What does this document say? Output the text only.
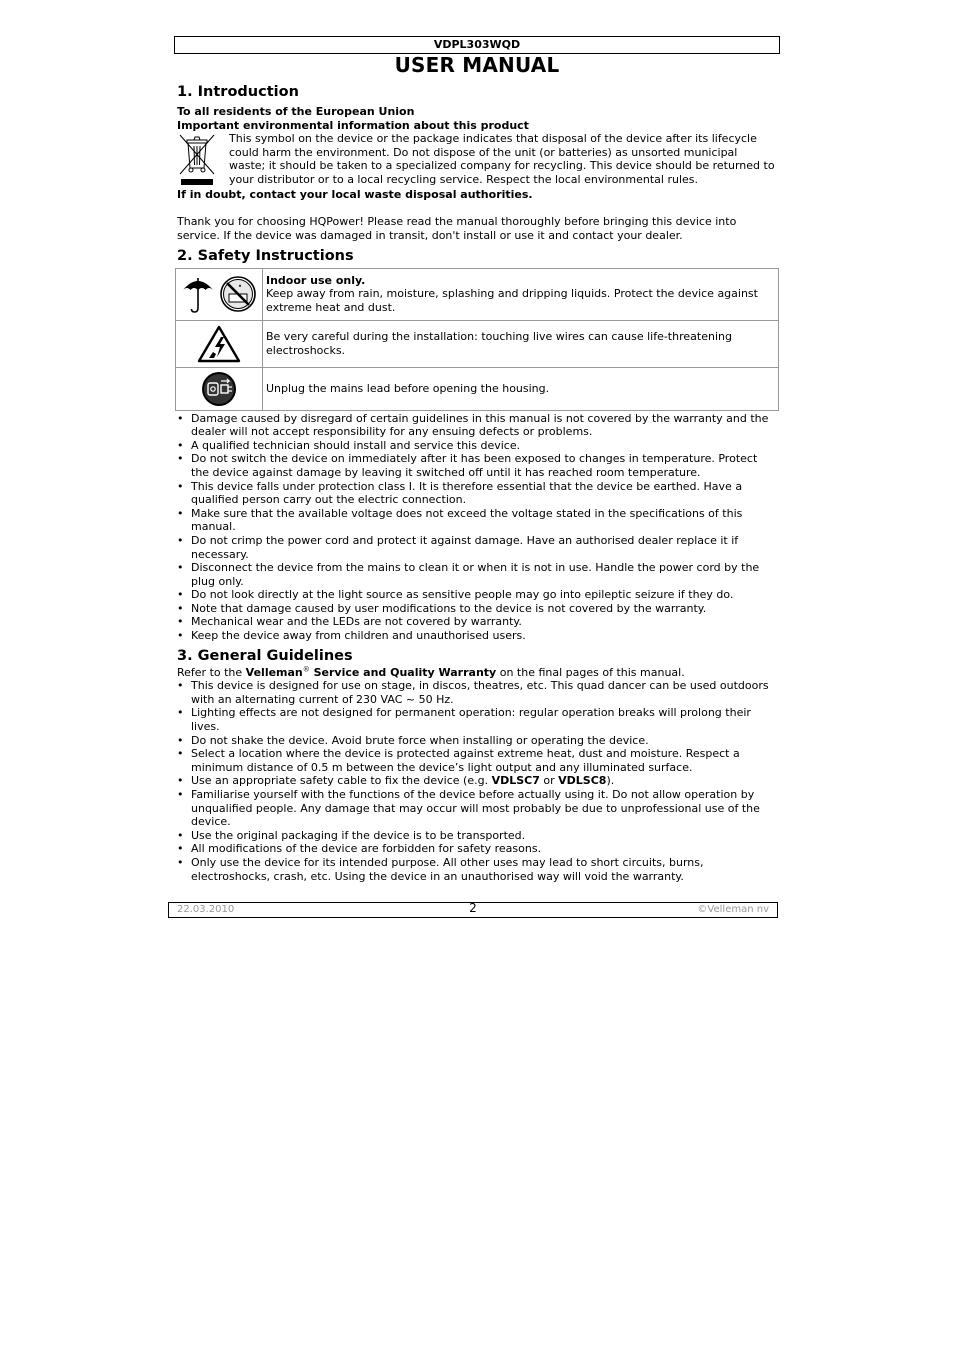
VDPL303WQD
USER MANUAL
1. Introduction

To all residents of the European Union

Important environmental information about this product

This symbol on the device or the package indicates that disposal of the device after its lifecycle could harm the environment. Do not dispose of the unit (or batteries) as unsorted municipal waste; it should be taken to a specialized company for recycling. This device should be returned to your distributor or to a local recycling service. Respect the local environmental rules.

If in doubt, contact your local waste disposal authorities.

Thank you for choosing HQPower! Please read the manual thoroughly before bringing this device into service. If the device was damaged in transit, don't install or use it and contact your dealer.

2. Safety Instructions

Indoor use only.
Keep away from rain, moisture, splashing and dripping liquids. Protect the device against extreme heat and dust.

Be very careful during the installation: touching live wires can cause life-threatening electroshocks.

Unplug the mains lead before opening the housing.
• Damage caused by disregard of certain guidelines in this manual is not covered by the warranty and the dealer will not accept responsibility for any ensuing defects or problems.
• A qualified technician should install and service this device.
• Do not switch the device on immediately after it has been exposed to changes in temperature. Protect the device against damage by leaving it switched off until it has reached room temperature.
• This device falls under protection class I. It is therefore essential that the device be earthed. Have a qualified person carry out the electric connection.
• Make sure that the available voltage does not exceed the voltage stated in the specifications of this manual.
• Do not crimp the power cord and protect it against damage. Have an authorised dealer replace it if necessary.
• Disconnect the device from the mains to clean it or when it is not in use. Handle the power cord by the plug only.
• Do not look directly at the light source as sensitive people may go into epileptic seizure if they do.
• Note that damage caused by user modifications to the device is not covered by the warranty.
• Mechanical wear and the LEDs are not covered by warranty.
• Keep the device away from children and unauthorised users.
3. General Guidelines

Refer to the Velleman® Service and Quality Warranty on the final pages of this manual.

• This device is designed for use on stage, in discos, theatres, etc. This quad dancer can be used outdoors with an alternating current of 230 VAC ~ 50 Hz.
• Lighting effects are not designed for permanent operation: regular operation breaks will prolong their lives.
• Do not shake the device. Avoid brute force when installing or operating the device.
• Select a location where the device is protected against extreme heat, dust and moisture. Respect a minimum distance of 0.5 m between the device’s light output and any illuminated surface.
• Use an appropriate safety cable to fix the device (e.g. VDLSC7 or VDLSC8).
• Familiarise yourself with the functions of the device before actually using it. Do not allow operation by unqualified people. Any damage that may occur will most probably be due to unprofessional use of the device.
• Use the original packaging if the device is to be transported.
• All modifications of the device are forbidden for safety reasons.
• Only use the device for its intended purpose. All other uses may lead to short circuits, burns, electroshocks, crash, etc. Using the device in an unauthorised way will void the warranty.
22.03.2010	2	©Velleman nv
